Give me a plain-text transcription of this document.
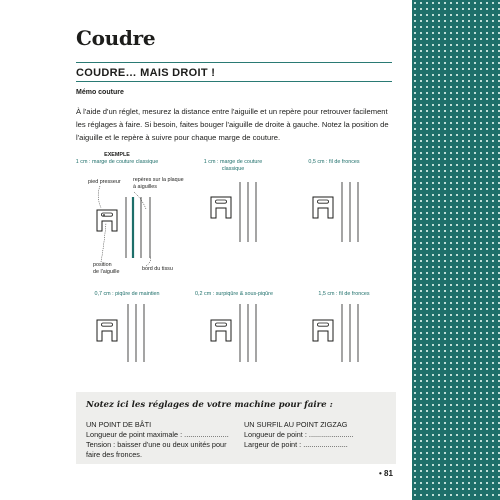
Coudre
COUDRE… MAIS DROIT !
Mémo couture
À l'aide d'un réglet, mesurez la distance entre l'aiguille et un repère pour retrouver facilement
les réglages à faire. Si besoin, faites bouger l'aiguille de droite à gauche. Notez la position de
l'aiguille et le repère à suivre pour chaque marge de couture.
EXEMPLE
1 cm : marge de couture classique	1 cm : marge de couture
classique
0,5 cm : fil de fronces
pied presseur repères sur la plaque
à aiguilles
position
de l'aiguille	bord du tissu
0,7 cm : piqûre de maintien	0,2 cm : surpiqûre & sous-piqûre	1,5 cm : fil de fronces
Notez ici les réglages de votre machine pour faire :
UN POINT DE BÂTI
Longueur de point maximale : ......................
Tension : baisser d'une ou deux unités pour
faire des fronces.
UN SURFIL AU POINT ZIGZAG
Longueur de point : ......................
Largeur de point : ......................
• 81
